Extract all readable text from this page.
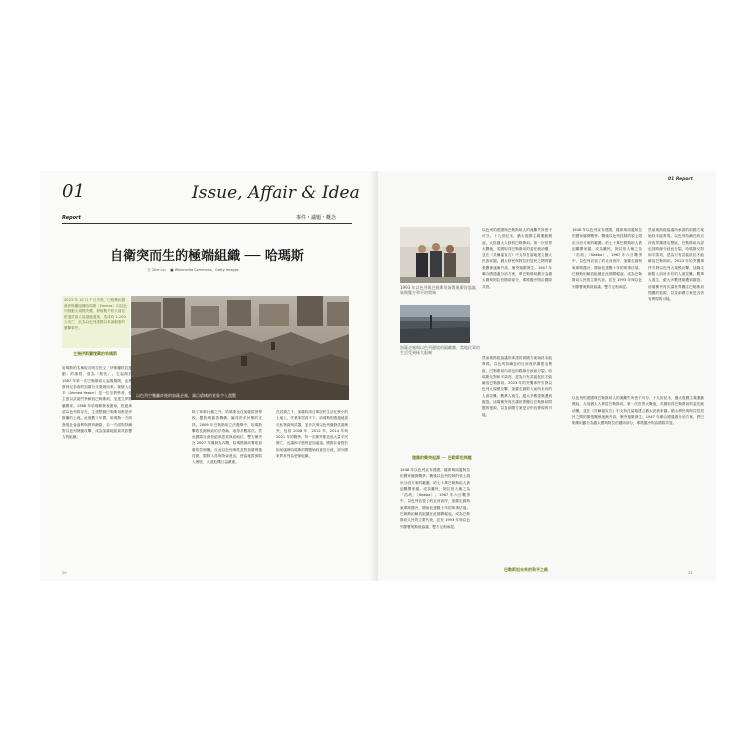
01	Issue, Affair & Idea
Report	事件・議題・概念
自衛突而生的極端組織 ── 哈瑪斯
文 Ollie Lin　 ■ Wikimedia Commons、Getty Images
2023 年 10 月 7 日早晨，巴勒斯坦激進伊斯蘭組織哈瑪斯（Hamas）向以色列發動大規模突襲，發射數千枚火箭並派遣武裝人員越過邊境，造成約 1,200 人死亡，此為以色列建國以來最嚴重的襲擊事件。
以色列空襲轟炸後的加薩走廊，滿目瘡痍的景象令人震驚
主張伊斯蘭復興的哈瑪斯
哈瑪斯的名稱取自阿拉伯文「伊斯蘭抵抗運動」的縮寫，意為「熱忱」。它起源於 1987 年第一次巴勒斯坦人起義期間，由穆斯林兄弟會的加薩分支發展而來。創辦人亞辛（Ahmed Yassin）是一位宗教學者，他主張以武裝鬥爭解放巴勒斯坦，並建立伊斯蘭國家。1988 年哈瑪斯發表憲章，拒絕承認以色列的存在，主張整個巴勒斯坦都是伊斯蘭的土地。此後數十年間，哈瑪斯一方面發展社會福利與教育網絡，另一方面則持續對以色列發動攻擊，成為加薩地區最具影響力的組織。
除了軍事行動之外，哈瑪斯也在加薩經營學校、醫院與慈善機構，贏得許多民眾的支持。2006 年巴勒斯坦立法選舉中，哈瑪斯擊敗長期執政的法塔赫，取得多數席次。然而國際社會拒絕承認其執政地位，雙方衝突在 2007 年爆發為內戰，哈瑪斯最終奪取加薩的控制權。自此以色列與埃及對加薩實施封鎖，限制人員與物資進出，使當地經濟陷入困境，人道危機日益嚴重。
在封鎖之下，加薩約兩百萬居民生活在狹小的土地上，失業率居高不下。哈瑪斯則透過地道走私物資與武器，並多次與以色列爆發武裝衝突，包括 2008 年、2012 年、2014 年與 2021 年的戰爭。每一次衝突都造成大量平民傷亡，也讓和平進程更加遙遠。國際社會對於如何處理哈瑪斯的問題始終意見分歧，部分國家將其列為恐怖組織。
20
01 Report
1993 年以色列與巴勒斯坦簽署奧斯陸協議，象徵雙方和平的開端
加薩走廊與以色列邊境的隔離牆，當地民眾的生活受到極大限制
以色列的建國與巴勒斯坦人的流離失所密不可分。十九世紀末，猶太復國主義運動興起，大批猶太人移居巴勒斯坦。第一次世界大戰後，英國取得巴勒斯坦的委任統治權，並在《貝爾福宣言》中支持在當地建立猶太民族家園。猶太移民與阿拉伯居民之間的緊張關係逐漸升高，衝突頻繁發生。1947 年聯合國通過分治方案，將巴勒斯坦劃分為猶太國與阿拉伯國兩部分，耶路撒冷則由國際共管。
1948 年以色列宣布建國，隨即與周邊阿拉伯國家爆發戰爭。戰後以色列控制的領土超出分治方案的範圍，約七十萬巴勒斯坦人被迫離開家園，成為難民，阿拉伯人稱之為「浩劫」（Nakba）。1967 年六日戰爭中，以色列佔領了約旦河西岸、加薩走廊與東耶路撒冷，開始長達數十年的軍事佔領。巴勒斯坦解放組織在此期間崛起，成為巴勒斯坦人民的主要代表，並在 1993 年與以色列簽署奧斯陸協議，雙方互相承認。
然而奧斯陸協議所承諾的兩國方案始終未能實現。以色列持續在約旦河西岸擴建屯墾區，巴勒斯坦內部也因路線分歧而分裂。哈瑪斯反對和平談判，認為只有武裝抵抗才能解放巴勒斯坦。2023 年的突襲事件引發以色列大規模反擊，加薩走廊陷入前所未有的人道災難，數萬人喪生，絕大多數建築遭到摧毀。這場衝突再次讓世界關注巴勒斯坦問題的根源，以及兩國方案是否仍有實現的可能。
建國的衝突起源 ── 巴勒斯坦問題
1948 年以色列宣布建國，隨即與周邊阿拉伯國家爆發戰爭。戰後以色列控制的領土超出分治方案的範圍，約七十萬巴勒斯坦人被迫離開家園，成為難民，阿拉伯人稱之為「浩劫」（Nakba）。1967 年六日戰爭中，以色列佔領了約旦河西岸、加薩走廊與東耶路撒冷，開始長達數十年的軍事佔領。巴勒斯坦解放組織在此期間崛起，成為巴勒斯坦人民的主要代表，並在 1993 年與以色列簽署奧斯陸協議，雙方互相承認。
巴勒斯坦未來的和平之路
然而奧斯陸協議所承諾的兩國方案始終未能實現。以色列持續在約旦河西岸擴建屯墾區，巴勒斯坦內部也因路線分歧而分裂。哈瑪斯反對和平談判，認為只有武裝抵抗才能解放巴勒斯坦。2023 年的突襲事件引發以色列大規模反擊，加薩走廊陷入前所未有的人道災難，數萬人喪生，絕大多數建築遭到摧毀。這場衝突再次讓世界關注巴勒斯坦問題的根源，以及兩國方案是否仍有實現的可能。
以色列的建國與巴勒斯坦人的流離失所密不可分。十九世紀末，猶太復國主義運動興起，大批猶太人移居巴勒斯坦。第一次世界大戰後，英國取得巴勒斯坦的委任統治權，並在《貝爾福宣言》中支持在當地建立猶太民族家園。猶太移民與阿拉伯居民之間的緊張關係逐漸升高，衝突頻繁發生。1947 年聯合國通過分治方案，將巴勒斯坦劃分為猶太國與阿拉伯國兩部分，耶路撒冷則由國際共管。
21
